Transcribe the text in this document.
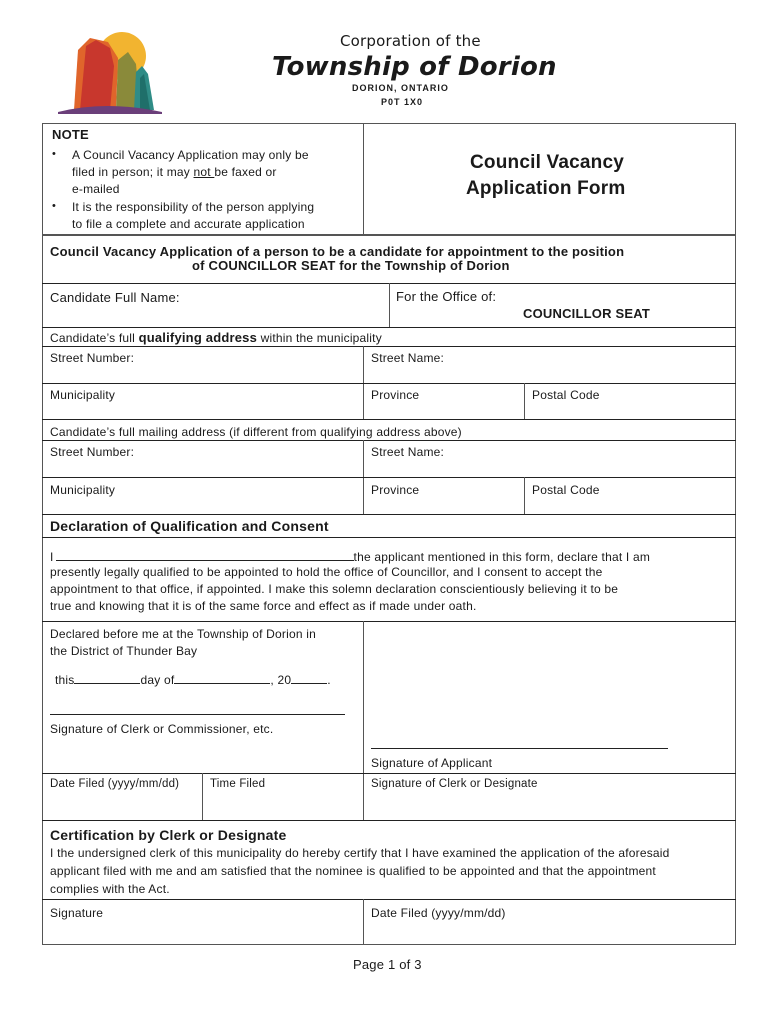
Corporation of the
Township of Dorion
DORION, ONTARIO
P0T 1X0
NOTE
• A Council Vacancy Application may only be
filed in person; it may not be faxed or
e-mailed
• It is the responsibility of the person applying
to file a complete and accurate application
Council Vacancy
Application Form
Council Vacancy Application of a person to be a candidate for appointment to the position
of COUNCILLOR SEAT for the Township of Dorion
Candidate Full Name:	For the Office of:
COUNCILLOR SEAT
Candidate’s full qualifying address within the municipality
Street Number:	Street Name:
Municipality	Province	Postal Code
Candidate’s full mailing address (if different from qualifying address above)
Street Number:	Street Name:
Municipality	Province	Postal Code
Declaration of Qualification and Consent
I	the applicant mentioned in this form, declare that I am
presently legally qualified to be appointed to hold the office of Councillor, and I consent to accept the
appointment to that office, if appointed. I make this solemn declaration conscientiously believing it to be
true and knowing that it is of the same force and effect as if made under oath.
Declared before me at the Township of Dorion in
the District of Thunder Bay
this	day of	, 20	.
Signature of Clerk or Commissioner, etc.
Signature of Applicant
Date Filed (yyyy/mm/dd)	Time Filed	Signature of Clerk or Designate
Certification by Clerk or Designate
I the undersigned clerk of this municipality do hereby certify that I have examined the application of the aforesaid
applicant filed with me and am satisfied that the nominee is qualified to be appointed and that the appointment
complies with the Act.
Signature	Date Filed (yyyy/mm/dd)
Page 1 of 3
